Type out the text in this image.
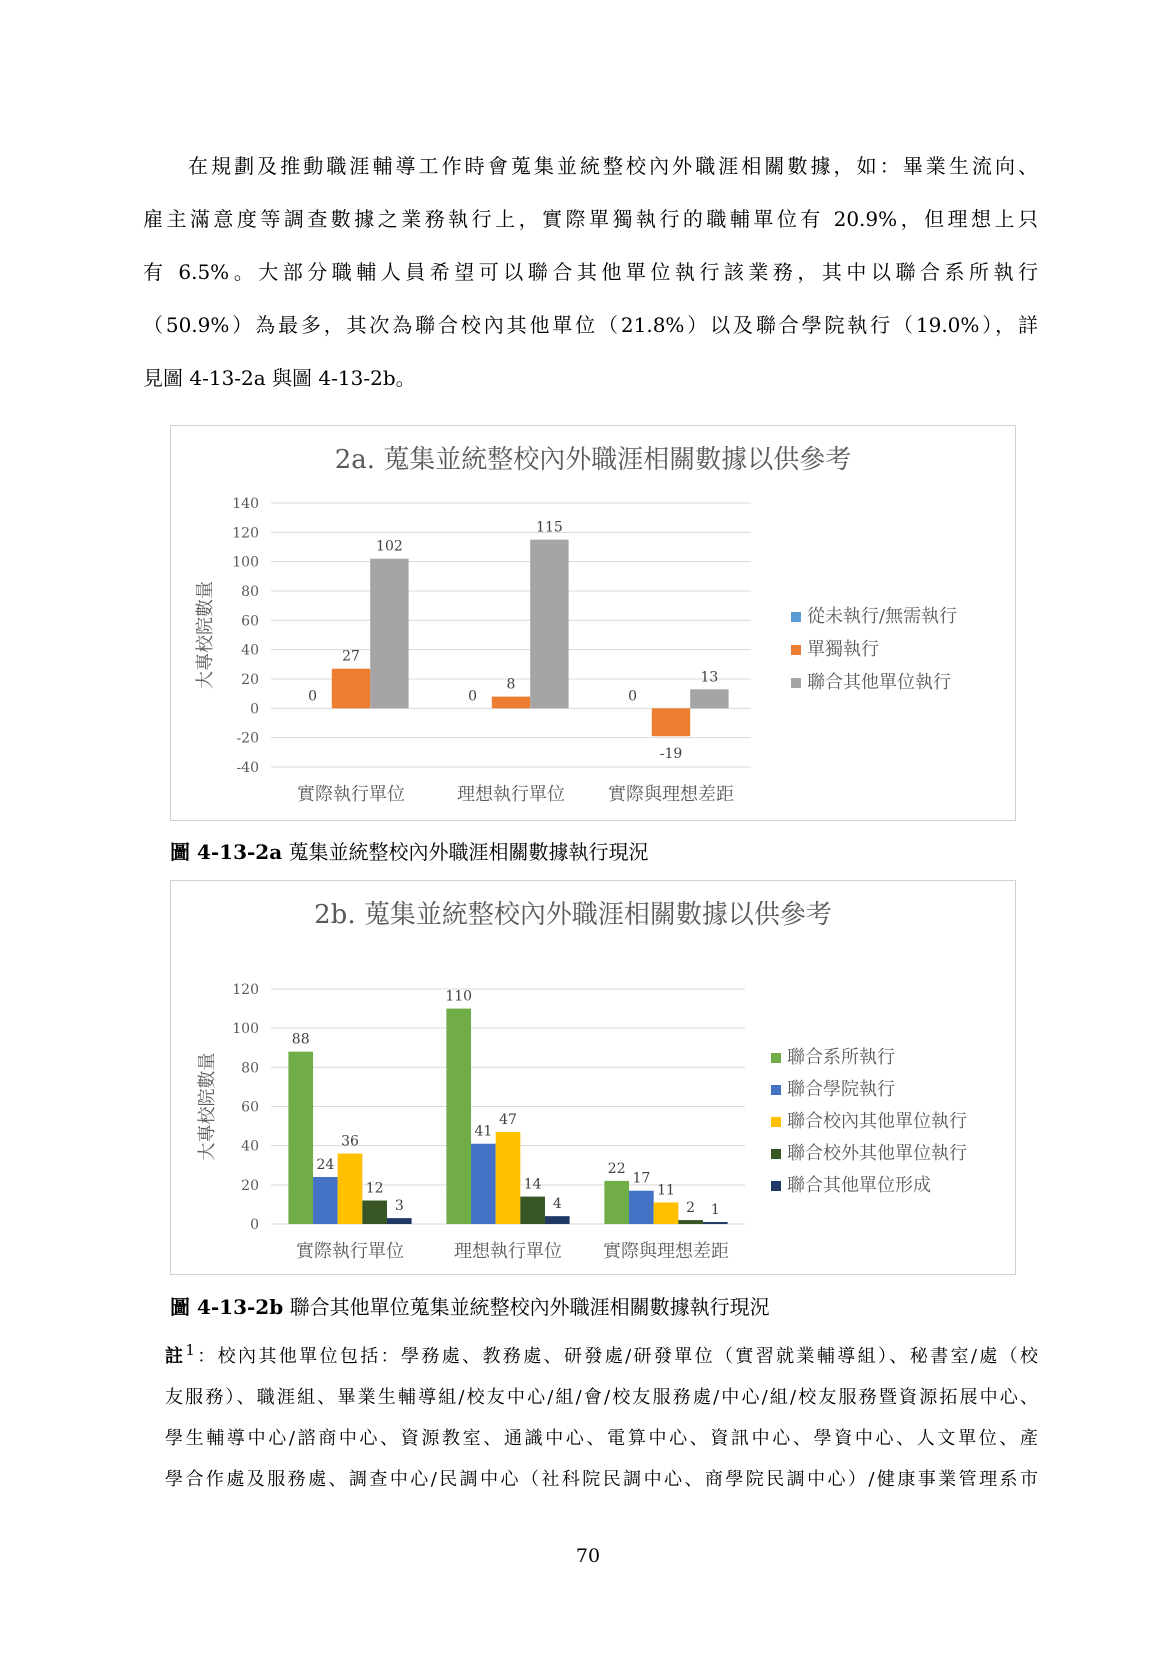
在規劃及推動職涯輔導工作時會蒐集並統整校內外職涯相關數據，如：畢業生流向、
雇主滿意度等調查數據之業務執行上，實際單獨執行的職輔單位有 20.9%，但理想上只
有 6.5%。大部分職輔人員希望可以聯合其他單位執行該業務，其中以聯合系所執行
（50.9%）為最多，其次為聯合校內其他單位（21.8%）以及聯合學院執行（19.0%），詳
見圖 4-13-2a 與圖 4-13-2b。
2a. 蒐集並統整校內外職涯相關數據以供參考
大專校院數量
140
120
100
80
60
40
20
0
-20
-40
0
27
102
實際執行單位
0
8
115
理想執行單位
0
-19
13
實際與理想差距
從未執行/無需執行
單獨執行
聯合其他單位執行
圖 4-13-2a 蒐集並統整校內外職涯相關數據執行現況
2b. 蒐集並統整校內外職涯相關數據以供參考
大專校院數量
120
100
80
60
40
20
0
88
24
36
12
3
實際執行單位
110
41
47
14
4
理想執行單位
22
17
11
2 1
實際與理想差距
聯合系所執行
聯合學院執行
聯合校內其他單位執行
聯合校外其他單位執行
聯合其他單位形成
圖 4-13-2b 聯合其他單位蒐集並統整校內外職涯相關數據執行現況
註$^1$：校內其他單位包括：學務處、教務處、研發處/研發單位（實習就業輔導組）、秘書室/處（校
友服務）、職涯組、畢業生輔導組/校友中心/組/會/校友服務處/中心/組/校友服務暨資源拓展中心、
學生輔導中心/諮商中心、資源教室、通識中心、電算中心、資訊中心、學資中心、人文單位、產
學合作處及服務處、調查中心/民調中心（社科院民調中心、商學院民調中心）/健康事業管理系市
70
